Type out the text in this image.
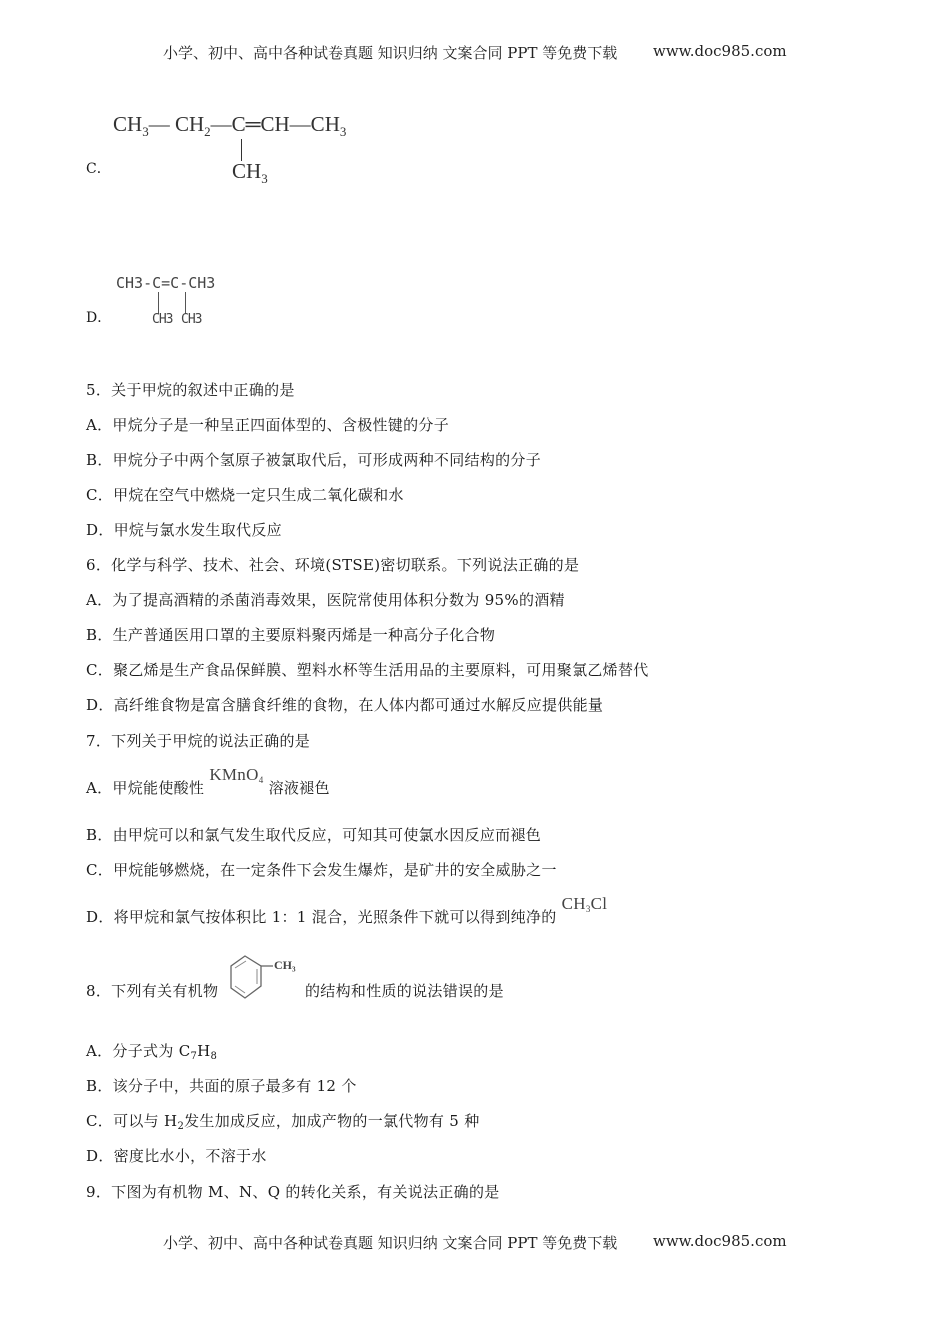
小学、初中、高中各种试卷真题 知识归纳 文案合同 PPT 等免费下载 www.doc985.com
C．
$CH_3—$ $CH_2—C═CH—CH_3$
$CH_3$
D．
CH3-C=C-CH3
CH3 CH3
5．关于甲烷的叙述中正确的是
A．甲烷分子是一种呈正四面体型的、含极性键的分子
B．甲烷分子中两个氢原子被氯取代后，可形成两种不同结构的分子
C．甲烷在空气中燃烧一定只生成二氧化碳和水
D．甲烷与氯水发生取代反应
6．化学与科学、技术、社会、环境(STSE)密切联系。下列说法正确的是
A．为了提高酒精的杀菌消毒效果，医院常使用体积分数为 95%的酒精
B．生产普通医用口罩的主要原料聚丙烯是一种高分子化合物
C．聚乙烯是生产食品保鲜膜、塑料水杯等生活用品的主要原料，可用聚氯乙烯替代
D．高纤维食物是富含膳食纤维的食物，在人体内都可通过水解反应提供能量
7．下列关于甲烷的说法正确的是
A．甲烷能使酸性 KMnO$_4$ 溶液褪色
B．由甲烷可以和氯气发生取代反应，可知其可使氯水因反应而褪色
C．甲烷能够燃烧，在一定条件下会发生爆炸，是矿井的安全威胁之一
D．将甲烷和氯气按体积比 1：1 混合，光照条件下就可以得到纯净的 $CH_3Cl$
8．下列有关有机物
CH₃
的结构和性质的说法错误的是
A．分子式为 $C_7H_8$
B．该分子中，共面的原子最多有 12 个
C．可以与 $H_2$发生加成反应，加成产物的一氯代物有 5 种
D．密度比水小，不溶于水
9．下图为有机物 M、N、Q 的转化关系，有关说法正确的是
小学、初中、高中各种试卷真题 知识归纳 文案合同 PPT 等免费下载 www.doc985.com
